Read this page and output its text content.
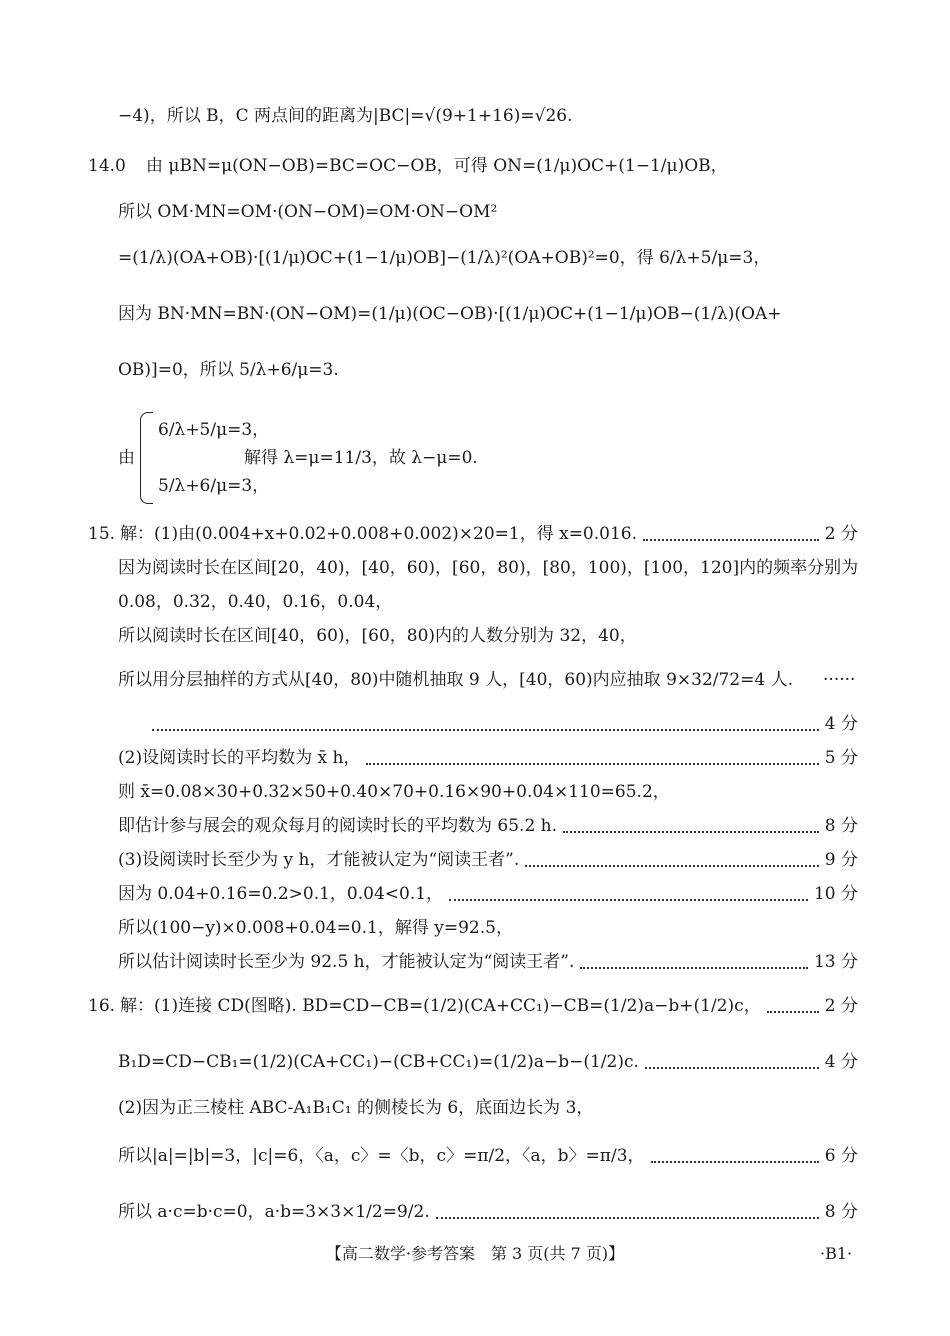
−4)，所以 B，C 两点间的距离为|BC|=√(9+1+16)=√26.
14.0 由 μBN=μ(ON−OB)=BC=OC−OB，可得 ON=(1/μ)OC+(1−1/μ)OB，
所以 OM·MN=OM·(ON−OM)=OM·ON−OM²
=(1/λ)(OA+OB)·[(1/μ)OC+(1−1/μ)OB]−(1/λ)²(OA+OB)²=0，得 6/λ+5/μ=3，
因为 BN·MN=BN·(ON−OM)=(1/μ)(OC−OB)·[(1/μ)OC+(1−1/μ)OB−(1/λ)(OA+
OB)]=0，所以 5/λ+6/μ=3.
6/λ+5/μ=3，
由	解得 λ=μ=11/3，故 λ−μ=0.
5/λ+6/μ=3，
15. 解：(1)由(0.004+x+0.02+0.008+0.002)×20=1，得 x=0.016.	2 分
因为阅读时长在区间[20，40)，[40，60)，[60，80)，[80，100)，[100，120]内的频率分别为
0.08，0.32，0.40，0.16，0.04，
所以阅读时长在区间[40，60)，[60，80)内的人数分别为 32，40，
所以用分层抽样的方式从[40，80)中随机抽取 9 人，[40，60)内应抽取 9×32/72=4 人. ······
4 分
(2)设阅读时长的平均数为 x̄ h，	5 分
则 x̄=0.08×30+0.32×50+0.40×70+0.16×90+0.04×110=65.2，
即估计参与展会的观众每月的阅读时长的平均数为 65.2 h.	8 分
(3)设阅读时长至少为 y h，才能被认定为“阅读王者”.	9 分
因为 0.04+0.16=0.2>0.1，0.04<0.1，	10 分
所以(100−y)×0.008+0.04=0.1，解得 y=92.5，
所以估计阅读时长至少为 92.5 h，才能被认定为“阅读王者”.	13 分
16. 解：(1)连接 CD(图略). BD=CD−CB=(1/2)(CA+CC₁)−CB=(1/2)a−b+(1/2)c，	2 分
B₁D=CD−CB₁=(1/2)(CA+CC₁)−(CB+CC₁)=(1/2)a−b−(1/2)c.	4 分
(2)因为正三棱柱 ABC-A₁B₁C₁ 的侧棱长为 6，底面边长为 3，
所以|a|=|b|=3，|c|=6，〈a，c〉=〈b，c〉=π/2，〈a，b〉=π/3，	6 分
所以 a·c=b·c=0，a·b=3×3×1/2=9/2.	8 分
【高二数学·参考答案　第 3 页(共 7 页)】	·B1·
